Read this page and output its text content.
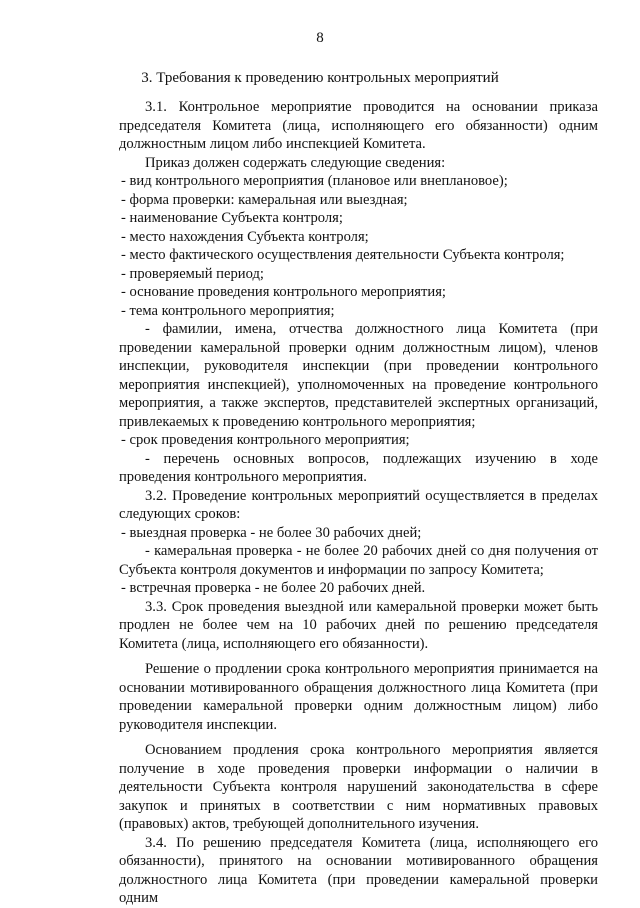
8
3. Требования к проведению контрольных мероприятий

3.1. Контрольное мероприятие проводится на основании приказа председателя Комитета (лица, исполняющего его обязанности) одним должностным лицом либо инспекцией Комитета.

Приказ должен содержать следующие сведения:

- вид контрольного мероприятия (плановое или внеплановое);

- форма проверки: камеральная или выездная;

- наименование Субъекта контроля;

- место нахождения Субъекта контроля;

- место фактического осуществления деятельности Субъекта контроля;

- проверяемый период;

- основание проведения контрольного мероприятия;

- тема контрольного мероприятия;

- фамилии, имена, отчества должностного лица Комитета (при проведении камеральной проверки одним должностным лицом), членов инспекции, руководителя инспекции (при проведении контрольного мероприятия инспекцией), уполномоченных на проведение контрольного мероприятия, а также экспертов, представителей экспертных организаций, привлекаемых к проведению контрольного мероприятия;

- срок проведения контрольного мероприятия;

- перечень основных вопросов, подлежащих изучению в ходе проведения контрольного мероприятия.

3.2. Проведение контрольных мероприятий осуществляется в пределах следующих сроков:

- выездная проверка - не более 30 рабочих дней;

- камеральная проверка - не более 20 рабочих дней со дня получения от Субъекта контроля документов и информации по запросу Комитета;

- встречная проверка - не более 20 рабочих дней.

3.3. Срок проведения выездной или камеральной проверки может быть продлен не более чем на 10 рабочих дней по решению председателя Комитета (лица, исполняющего его обязанности).

Решение о продлении срока контрольного мероприятия принимается на основании мотивированного обращения должностного лица Комитета (при проведении камеральной проверки одним должностным лицом) либо руководителя инспекции.

Основанием продления срока контрольного мероприятия является получение в ходе проведения проверки информации о наличии в деятельности Субъекта контроля нарушений законодательства в сфере закупок и принятых в соответствии с ним нормативных правовых (правовых) актов, требующей дополнительного изучения.

3.4. По решению председателя Комитета (лица, исполняющего его обязанности), принятого на основании мотивированного обращения должностного лица Комитета (при проведении камеральной проверки одним
